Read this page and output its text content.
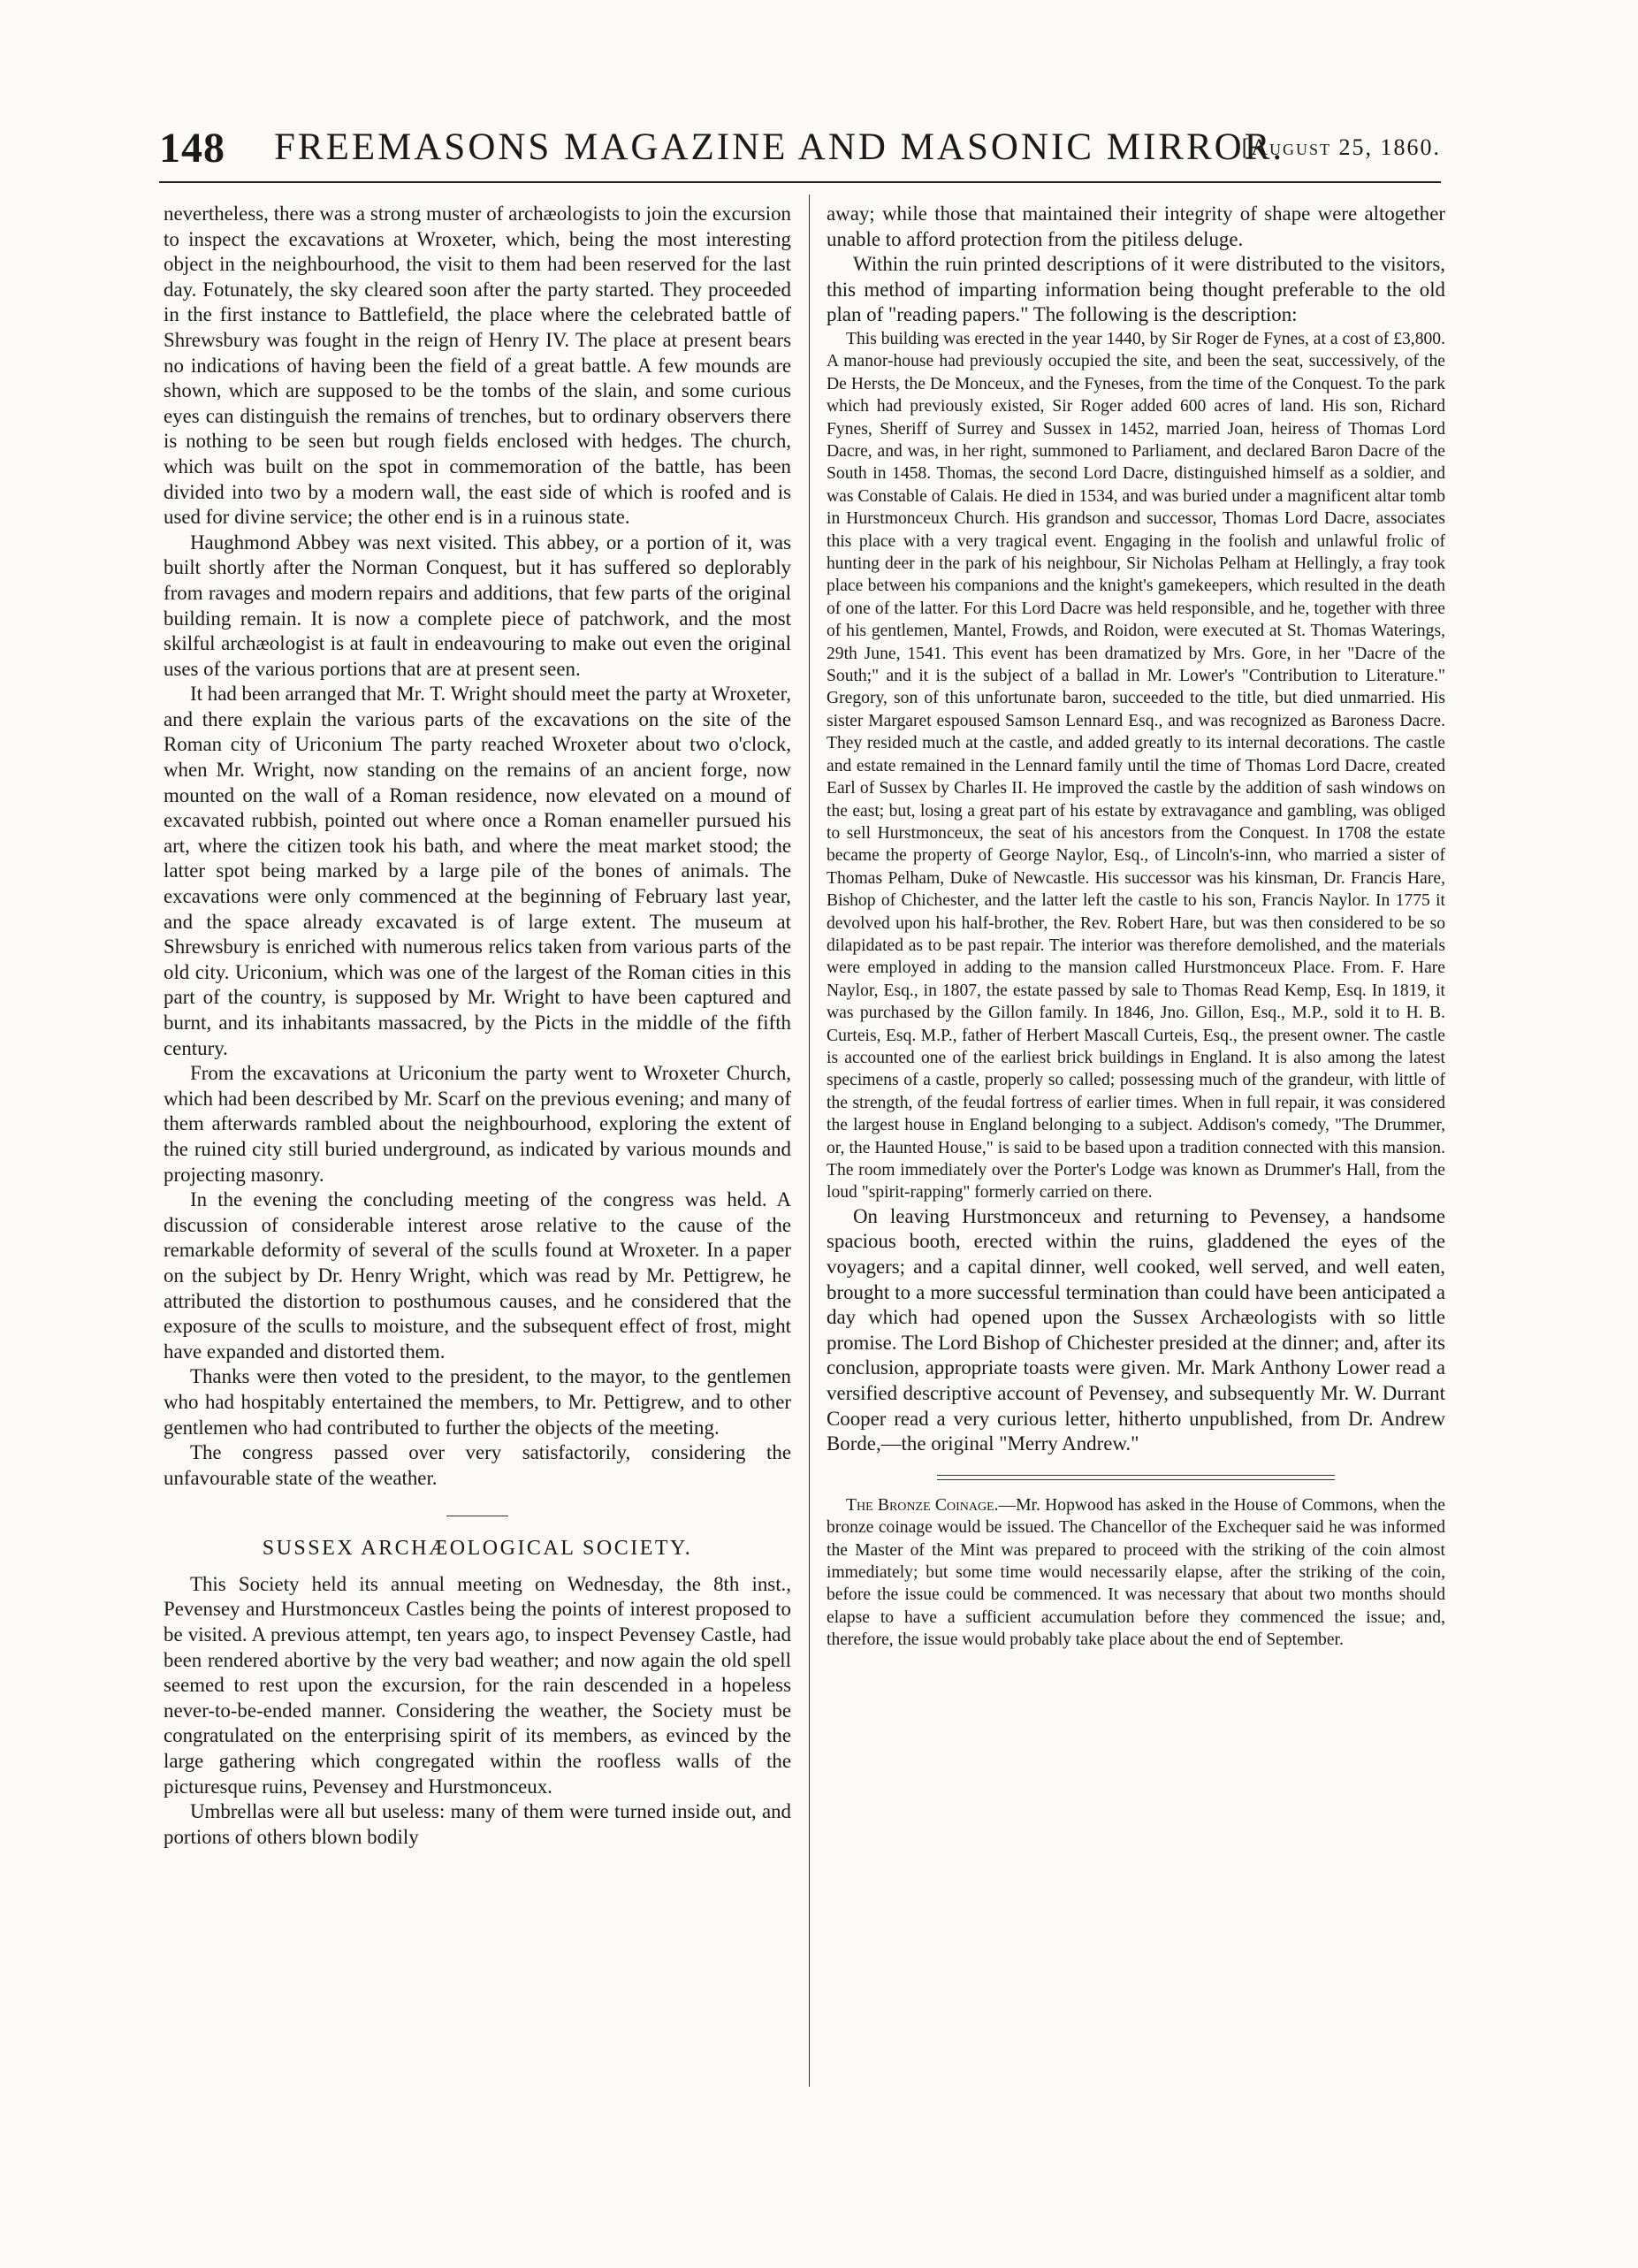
148 FREEMASONS MAGAZINE AND MASONIC MIRROR.
[August 25, 1860.

nevertheless, there was a strong muster of archæologists to join the excursion to inspect the excavations at Wroxeter, which, being the most interesting object in the neighbourhood, the visit to them had been reserved for the last day. Fotunately, the sky cleared soon after the party started. They proceeded in the first instance to Battlefield, the place where the celebrated battle of Shrewsbury was fought in the reign of Henry IV. The place at present bears no indications of having been the field of a great battle. A few mounds are shown, which are supposed to be the tombs of the slain, and some curious eyes can distinguish the remains of trenches, but to ordinary observers there is nothing to be seen but rough fields enclosed with hedges. The church, which was built on the spot in commemoration of the battle, has been divided into two by a modern wall, the east side of which is roofed and is used for divine service; the other end is in a ruinous state.

Haughmond Abbey was next visited. This abbey, or a portion of it, was built shortly after the Norman Conquest, but it has suffered so deplorably from ravages and modern repairs and additions, that few parts of the original building remain. It is now a complete piece of patchwork, and the most skilful archæologist is at fault in endeavouring to make out even the original uses of the various portions that are at present seen.

It had been arranged that Mr. T. Wright should meet the party at Wroxeter, and there explain the various parts of the excavations on the site of the Roman city of Uriconium The party reached Wroxeter about two o'clock, when Mr. Wright, now standing on the remains of an ancient forge, now mounted on the wall of a Roman residence, now elevated on a mound of excavated rubbish, pointed out where once a Roman enameller pursued his art, where the citizen took his bath, and where the meat market stood; the latter spot being marked by a large pile of the bones of animals. The excavations were only commenced at the beginning of February last year, and the space already excavated is of large extent. The museum at Shrewsbury is enriched with numerous relics taken from various parts of the old city. Uriconium, which was one of the largest of the Roman cities in this part of the country, is supposed by Mr. Wright to have been captured and burnt, and its inhabitants massacred, by the Picts in the middle of the fifth century.

From the excavations at Uriconium the party went to Wroxeter Church, which had been described by Mr. Scarf on the previous evening; and many of them afterwards rambled about the neighbourhood, exploring the extent of the ruined city still buried underground, as indicated by various mounds and projecting masonry.

In the evening the concluding meeting of the congress was held. A discussion of considerable interest arose relative to the cause of the remarkable deformity of several of the sculls found at Wroxeter. In a paper on the subject by Dr. Henry Wright, which was read by Mr. Pettigrew, he attributed the distortion to posthumous causes, and he considered that the exposure of the sculls to moisture, and the subsequent effect of frost, might have expanded and distorted them.

Thanks were then voted to the president, to the mayor, to the gentlemen who had hospitably entertained the members, to Mr. Pettigrew, and to other gentlemen who had contributed to further the objects of the meeting.

The congress passed over very satisfactorily, considering the unfavourable state of the weather.

SUSSEX ARCHÆOLOGICAL SOCIETY.

This Society held its annual meeting on Wednesday, the 8th inst., Pevensey and Hurstmonceux Castles being the points of interest proposed to be visited. A previous attempt, ten years ago, to inspect Pevensey Castle, had been rendered abortive by the very bad weather; and now again the old spell seemed to rest upon the excursion, for the rain descended in a hopeless never-to-be-ended manner. Considering the weather, the Society must be congratulated on the enterprising spirit of its members, as evinced by the large gathering which congregated within the roofless walls of the picturesque ruins, Pevensey and Hurstmonceux.

Umbrellas were all but useless: many of them were turned inside out, and portions of others blown bodily

away; while those that maintained their integrity of shape were altogether unable to afford protection from the pitiless deluge.

Within the ruin printed descriptions of it were distributed to the visitors, this method of imparting information being thought preferable to the old plan of "reading papers." The following is the description:

This building was erected in the year 1440, by Sir Roger de Fynes, at a cost of £3,800. A manor-house had previously occupied the site, and been the seat, successively, of the De Hersts, the De Monceux, and the Fyneses, from the time of the Conquest. To the park which had previously existed, Sir Roger added 600 acres of land. His son, Richard Fynes, Sheriff of Surrey and Sussex in 1452, married Joan, heiress of Thomas Lord Dacre, and was, in her right, summoned to Parliament, and declared Baron Dacre of the South in 1458. Thomas, the second Lord Dacre, distinguished himself as a soldier, and was Constable of Calais. He died in 1534, and was buried under a magnificent altar tomb in Hurstmonceux Church. His grandson and successor, Thomas Lord Dacre, associates this place with a very tragical event. Engaging in the foolish and unlawful frolic of hunting deer in the park of his neighbour, Sir Nicholas Pelham at Hellingly, a fray took place between his companions and the knight's gamekeepers, which resulted in the death of one of the latter. For this Lord Dacre was held responsible, and he, together with three of his gentlemen, Mantel, Frowds, and Roidon, were executed at St. Thomas Waterings, 29th June, 1541. This event has been dramatized by Mrs. Gore, in her "Dacre of the South;" and it is the subject of a ballad in Mr. Lower's "Contribution to Literature." Gregory, son of this unfortunate baron, succeeded to the title, but died unmarried. His sister Margaret espoused Samson Lennard Esq., and was recognized as Baroness Dacre. They resided much at the castle, and added greatly to its internal decorations. The castle and estate remained in the Lennard family until the time of Thomas Lord Dacre, created Earl of Sussex by Charles II. He improved the castle by the addition of sash windows on the east; but, losing a great part of his estate by extravagance and gambling, was obliged to sell Hurstmonceux, the seat of his ancestors from the Conquest. In 1708 the estate became the property of George Naylor, Esq., of Lincoln's-inn, who married a sister of Thomas Pelham, Duke of Newcastle. His successor was his kinsman, Dr. Francis Hare, Bishop of Chichester, and the latter left the castle to his son, Francis Naylor. In 1775 it devolved upon his half-brother, the Rev. Robert Hare, but was then considered to be so dilapidated as to be past repair. The interior was therefore demolished, and the materials were employed in adding to the mansion called Hurstmonceux Place. From. F. Hare Naylor, Esq., in 1807, the estate passed by sale to Thomas Read Kemp, Esq. In 1819, it was purchased by the Gillon family. In 1846, Jno. Gillon, Esq., M.P., sold it to H. B. Curteis, Esq. M.P., father of Herbert Mascall Curteis, Esq., the present owner. The castle is accounted one of the earliest brick buildings in England. It is also among the latest specimens of a castle, properly so called; possessing much of the grandeur, with little of the strength, of the feudal fortress of earlier times. When in full repair, it was considered the largest house in England belonging to a subject. Addison's comedy, "The Drummer, or, the Haunted House," is said to be based upon a tradition connected with this mansion. The room immediately over the Porter's Lodge was known as Drummer's Hall, from the loud "spirit-rapping" formerly carried on there.

On leaving Hurstmonceux and returning to Pevensey, a handsome spacious booth, erected within the ruins, gladdened the eyes of the voyagers; and a capital dinner, well cooked, well served, and well eaten, brought to a more successful termination than could have been anticipated a day which had opened upon the Sussex Archæologists with so little promise. The Lord Bishop of Chichester presided at the dinner; and, after its conclusion, appropriate toasts were given. Mr. Mark Anthony Lower read a versified descriptive account of Pevensey, and subsequently Mr. W. Durrant Cooper read a very curious letter, hitherto unpublished, from Dr. Andrew Borde,—the original "Merry Andrew."

The Bronze Coinage.—Mr. Hopwood has asked in the House of Commons, when the bronze coinage would be issued. The Chancellor of the Exchequer said he was informed the Master of the Mint was prepared to proceed with the striking of the coin almost immediately; but some time would necessarily elapse, after the striking of the coin, before the issue could be commenced. It was necessary that about two months should elapse to have a sufficient accumulation before they commenced the issue; and, therefore, the issue would probably take place about the end of September.
